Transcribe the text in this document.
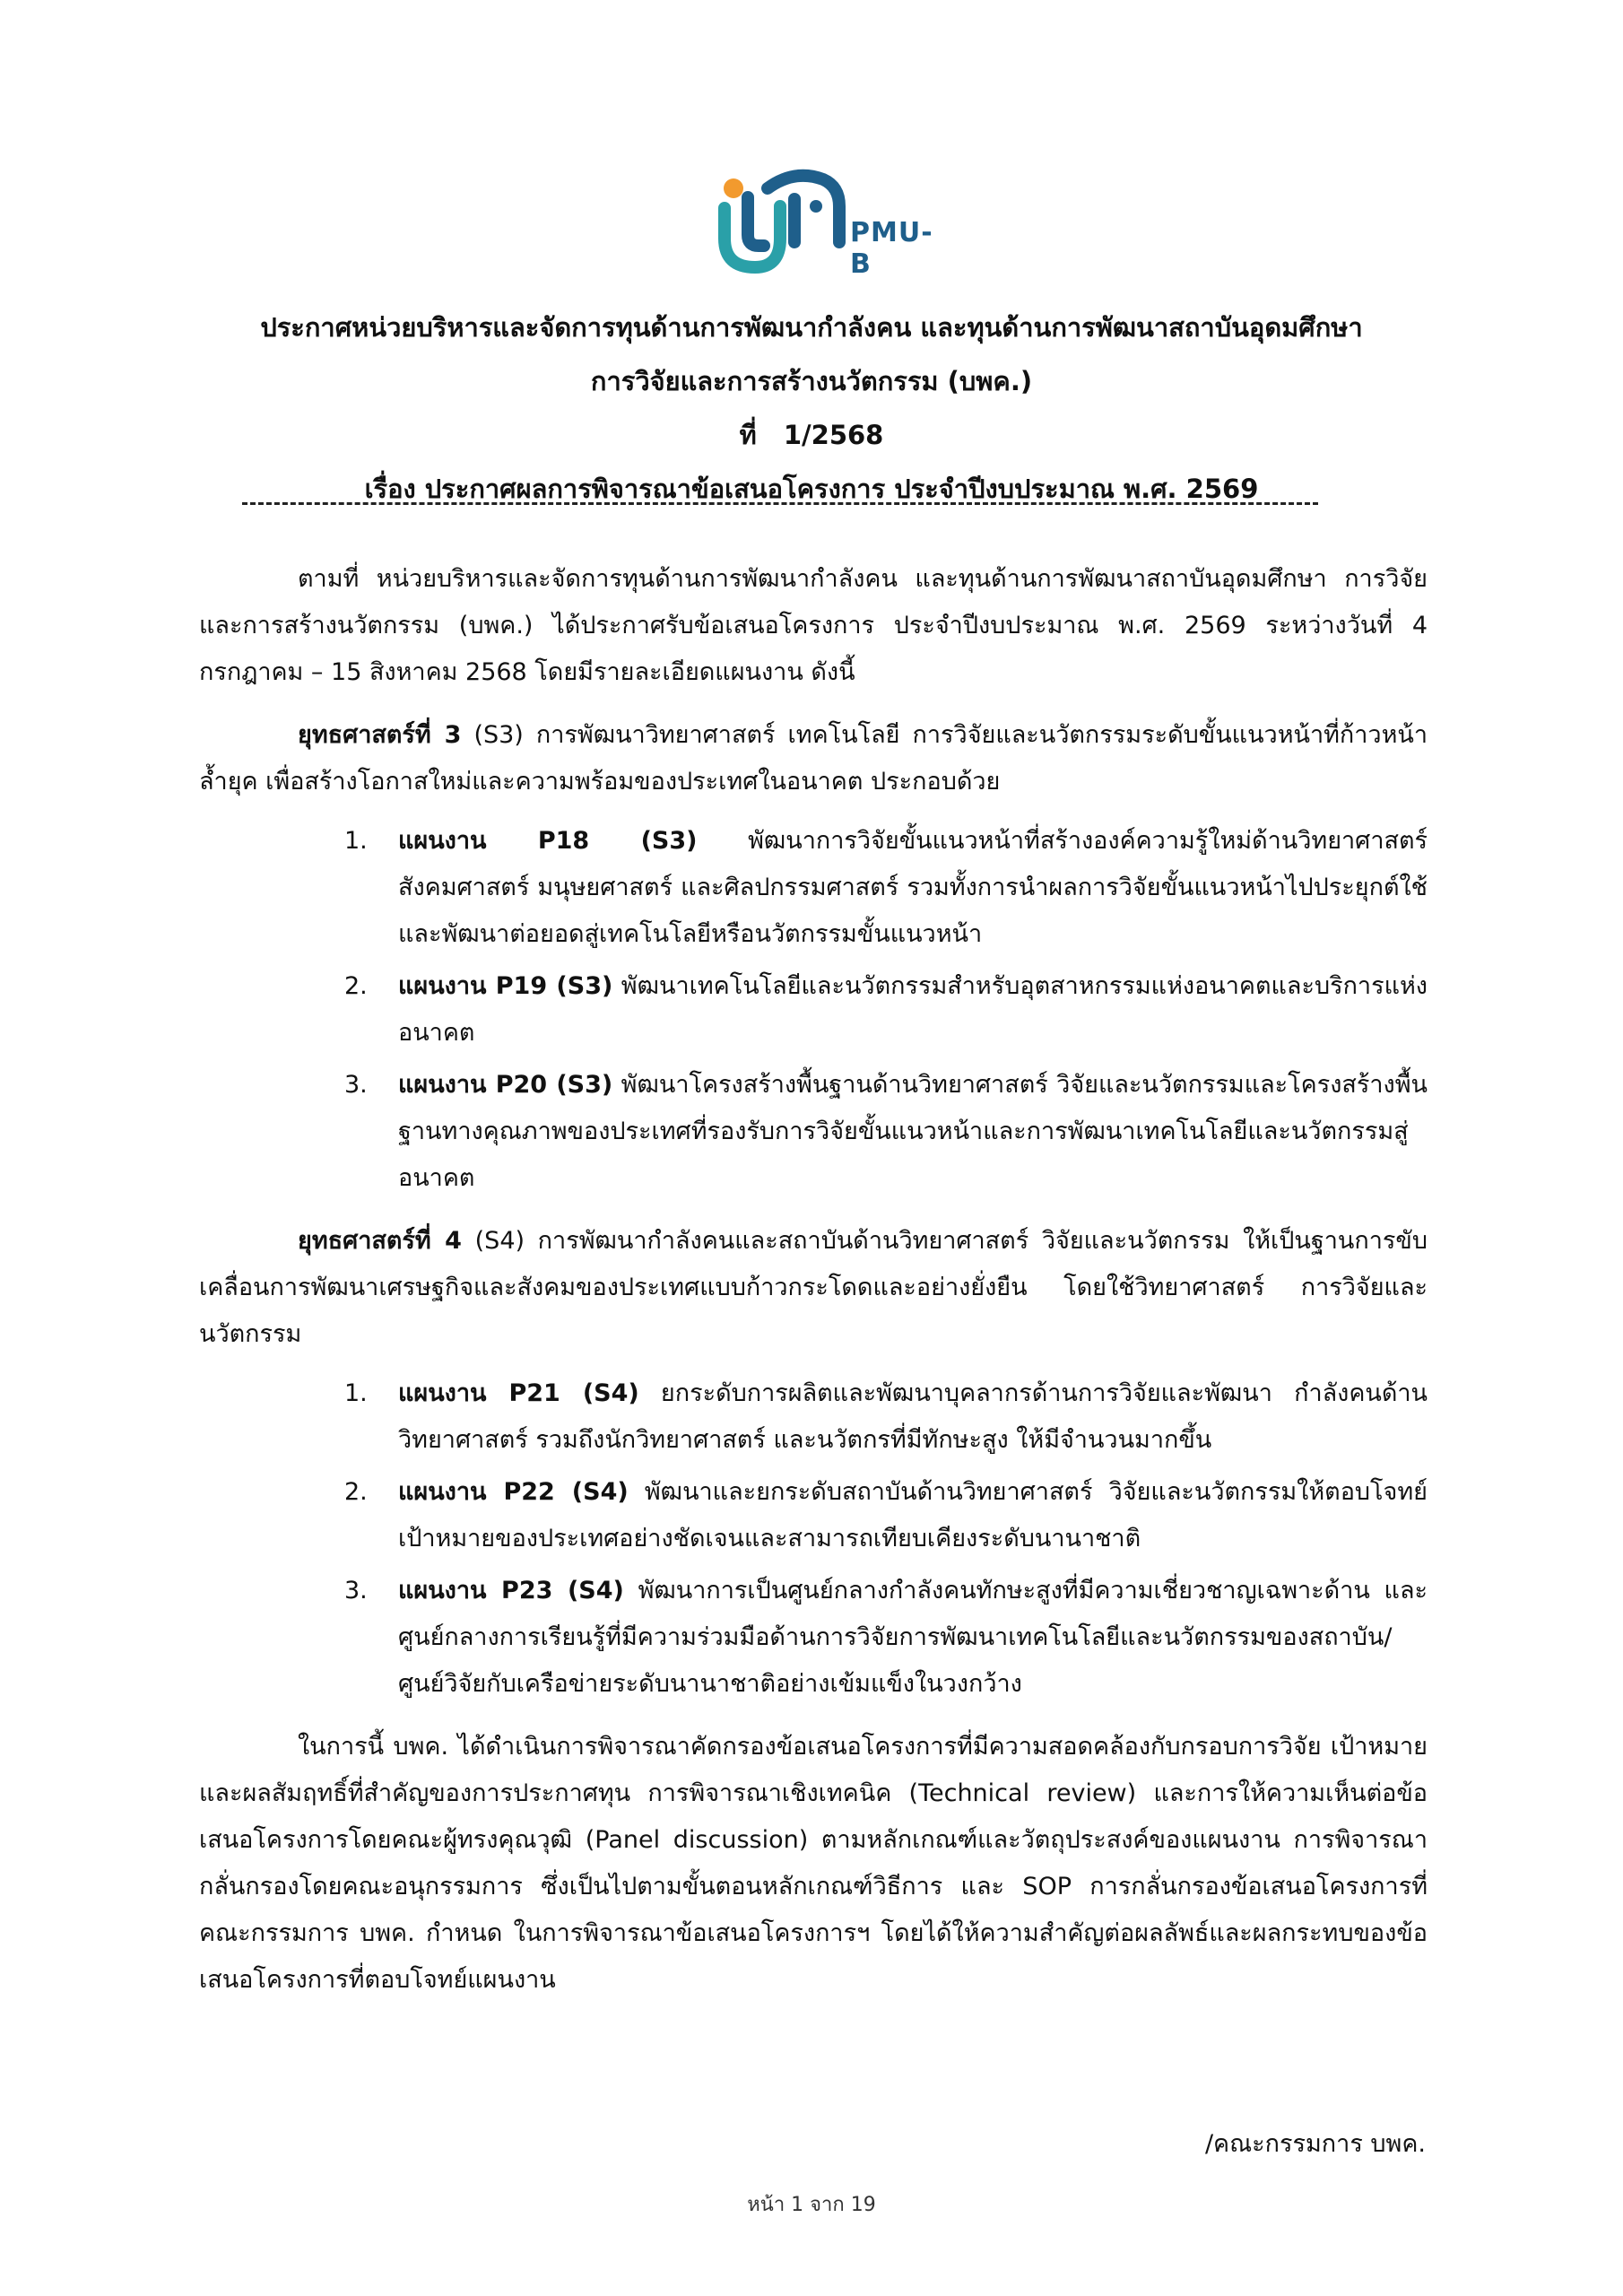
PMU-B
ประกาศหน่วยบริหารและจัดการทุนด้านการพัฒนากำลังคน และทุนด้านการพัฒนาสถาบันอุดมศึกษา
การวิจัยและการสร้างนวัตกรรม (บพค.)
ที่ 1/2568
เรื่อง ประกาศผลการพิจารณาข้อเสนอโครงการ ประจำปีงบประมาณ พ.ศ. 2569

ตามที่ หน่วยบริหารและจัดการทุนด้านการพัฒนากำลังคน และทุนด้านการพัฒนาสถาบันอุดมศึกษา การวิจัยและการสร้างนวัตกรรม (บพค.) ได้ประกาศรับข้อเสนอโครงการ ประจำปีงบประมาณ พ.ศ. 2569 ระหว่างวันที่ 4 กรกฎาคม – 15 สิงหาคม 2568 โดยมีรายละเอียดแผนงาน ดังนี้

ยุทธศาสตร์ที่ 3 (S3) การพัฒนาวิทยาศาสตร์ เทคโนโลยี การวิจัยและนวัตกรรมระดับขั้นแนวหน้าที่ก้าวหน้าล้ำยุค เพื่อสร้างโอกาสใหม่และความพร้อมของประเทศในอนาคต ประกอบด้วย

1. แผนงาน P18 (S3) พัฒนาการวิจัยขั้นแนวหน้าที่สร้างองค์ความรู้ใหม่ด้านวิทยาศาสตร์ สังคมศาสตร์ มนุษยศาสตร์ และศิลปกรรมศาสตร์ รวมทั้งการนำผลการวิจัยขั้นแนวหน้าไปประยุกต์ใช้และพัฒนาต่อยอดสู่เทคโนโลยีหรือนวัตกรรมขั้นแนวหน้า
2. แผนงาน P19 (S3) พัฒนาเทคโนโลยีและนวัตกรรมสำหรับอุตสาหกรรมแห่งอนาคตและบริการแห่งอนาคต
3. แผนงาน P20 (S3) พัฒนาโครงสร้างพื้นฐานด้านวิทยาศาสตร์ วิจัยและนวัตกรรมและโครงสร้างพื้นฐานทางคุณภาพของประเทศที่รองรับการวิจัยขั้นแนวหน้าและการพัฒนาเทคโนโลยีและนวัตกรรมสู่อนาคต

ยุทธศาสตร์ที่ 4 (S4) การพัฒนากำลังคนและสถาบันด้านวิทยาศาสตร์ วิจัยและนวัตกรรม ให้เป็นฐานการขับเคลื่อนการพัฒนาเศรษฐกิจและสังคมของประเทศแบบก้าวกระโดดและอย่างยั่งยืน โดยใช้วิทยาศาสตร์ การวิจัยและนวัตกรรม

1. แผนงาน P21 (S4) ยกระดับการผลิตและพัฒนาบุคลากรด้านการวิจัยและพัฒนา กำลังคนด้านวิทยาศาสตร์ รวมถึงนักวิทยาศาสตร์ และนวัตกรที่มีทักษะสูง ให้มีจำนวนมากขึ้น
2. แผนงาน P22 (S4) พัฒนาและยกระดับสถาบันด้านวิทยาศาสตร์ วิจัยและนวัตกรรมให้ตอบโจทย์เป้าหมายของประเทศอย่างชัดเจนและสามารถเทียบเคียงระดับนานาชาติ
3. แผนงาน P23 (S4) พัฒนาการเป็นศูนย์กลางกำลังคนทักษะสูงที่มีความเชี่ยวชาญเฉพาะด้าน และศูนย์กลางการเรียนรู้ที่มีความร่วมมือด้านการวิจัยการพัฒนาเทคโนโลยีและนวัตกรรมของสถาบัน/ศูนย์วิจัยกับเครือข่ายระดับนานาชาติอย่างเข้มแข็งในวงกว้าง

ในการนี้ บพค. ได้ดำเนินการพิจารณาคัดกรองข้อเสนอโครงการที่มีความสอดคล้องกับกรอบการวิจัย เป้าหมาย และผลสัมฤทธิ์ที่สำคัญของการประกาศทุน การพิจารณาเชิงเทคนิค (Technical review) และการให้ความเห็นต่อข้อเสนอโครงการโดยคณะผู้ทรงคุณวุฒิ (Panel discussion) ตามหลักเกณฑ์และวัตถุประสงค์ของแผนงาน การพิจารณากลั่นกรองโดยคณะอนุกรรมการ ซึ่งเป็นไปตามขั้นตอนหลักเกณฑ์วิธีการ และ SOP การกลั่นกรองข้อเสนอโครงการที่คณะกรรมการ บพค. กำหนด ในการพิจารณาข้อเสนอโครงการฯ โดยได้ให้ความสำคัญต่อผลลัพธ์และผลกระทบของข้อเสนอโครงการที่ตอบโจทย์แผนงาน

/คณะกรรมการ บพค.
หน้า 1 จาก 19
